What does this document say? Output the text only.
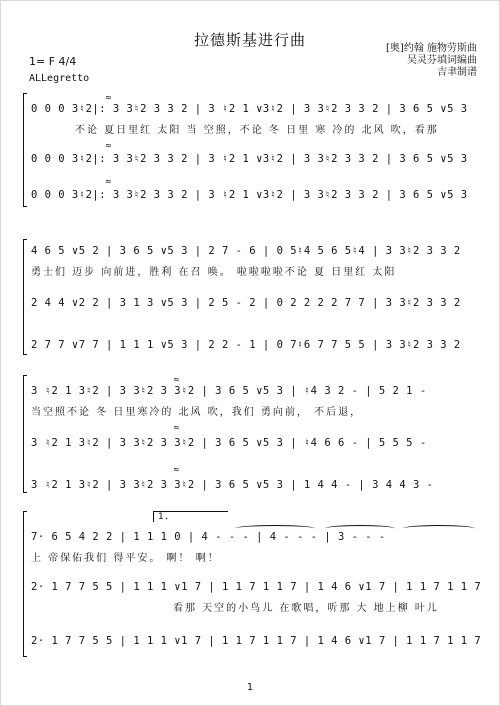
拉德斯基进行曲
1= F 4/4
ALLegretto
[奥]约翰 施物劳斯曲
吴灵芬填词编曲
吉聿制谱
≈
0 0 0 3♮2|: 3 3♮2 3 3 2 | 3 ♮2 1 ∨3♮2 | 3 3♮2 3 3 2 | 3 6 5 ∨5 3
不论 夏日里红 太阳 当 空照，不论 冬 日里 寒 冷的 北风 吹，看那
≈
0 0 0 3♮2|: 3 3♮2 3 3 2 | 3 ♮2 1 ∨3♮2 | 3 3♮2 3 3 2 | 3 6 5 ∨5 3
≈
0 0 0 3♮2|: 3 3♮2 3 3 2 | 3 ♮2 1 ∨3♮2 | 3 3♮2 3 3 2 | 3 6 5 ∨5 3
4 6 5 ∨5 2 | 3 6 5 ∨5 3 | 2 7 - 6 | 0 5♮4 5 6 5♮4 | 3 3♮2 3 3 2
勇士们 迈步 向前进，胜利 在召 唤。 啦啦啦啦不论 夏 日里红 太阳
2 4 4 ∨2 2 | 3 1 3 ∨5 3 | 2 5 - 2 | 0 2 2 2 2 7 7 | 3 3♮2 3 3 2
2 7 7 ∨7 7 | 1 1 1 ∨5 3 | 2 2 - 1 | 0 7♮6 7 7 5 5 | 3 3♮2 3 3 2
≈
3 ♮2 1 3♮2 | 3 3♮2 3 3♮2 | 3 6 5 ∨5 3 | ♮4 3 2 - | 5 2 1 -
当空照不论 冬 日里寒冷的 北风 吹，我们 勇向前， 不后退，
≈
3 ♮2 1 3♮2 | 3 3♮2 3 3♮2 | 3 6 5 ∨5 3 | ♮4 6 6 - | 5 5 5 -
≈
3 ♮2 1 3♮2 | 3 3♮2 3 3♮2 | 3 6 5 ∨5 3 | 1 4 4 - | 3 4 4 3 -
1.
7· 6 5 4 2 2 | 1 1 1 0 | 4 - - - | 4 - - - | 3 - - -
上 帝保佑我们 得平安。 啊！ 啊！
2· 1 7 7 5 5 | 1 1 1 ∨1 7 | 1 1 7 1 1 7 | 1 4 6 ∨1 7 | 1 1 7 1 1 7
看那 天空的小鸟儿 在歌唱，听那 大 地上柳 叶儿
2· 1 7 7 5 5 | 1 1 1 ∨1 7 | 1 1 7 1 1 7 | 1 4 6 ∨1 7 | 1 1 7 1 1 7
1
